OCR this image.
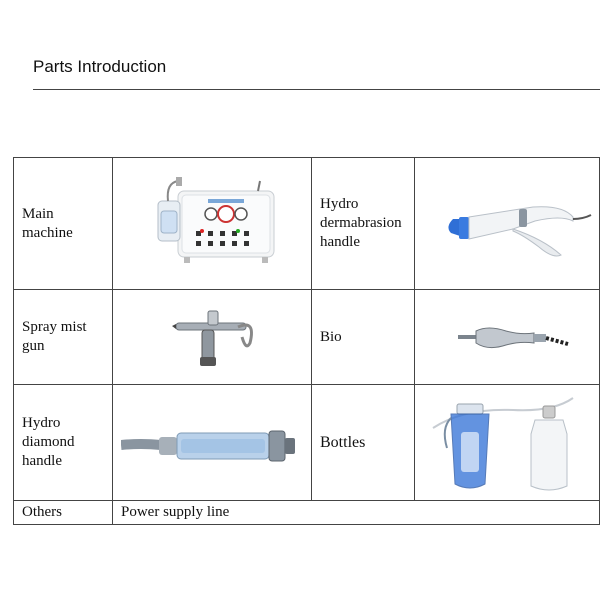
Parts Introduction
Main machine		Hydro dermabrasion handle	

Spray mist gun		Bio	

Hydro diamond handle		Bottles	

Others	Power supply line		
